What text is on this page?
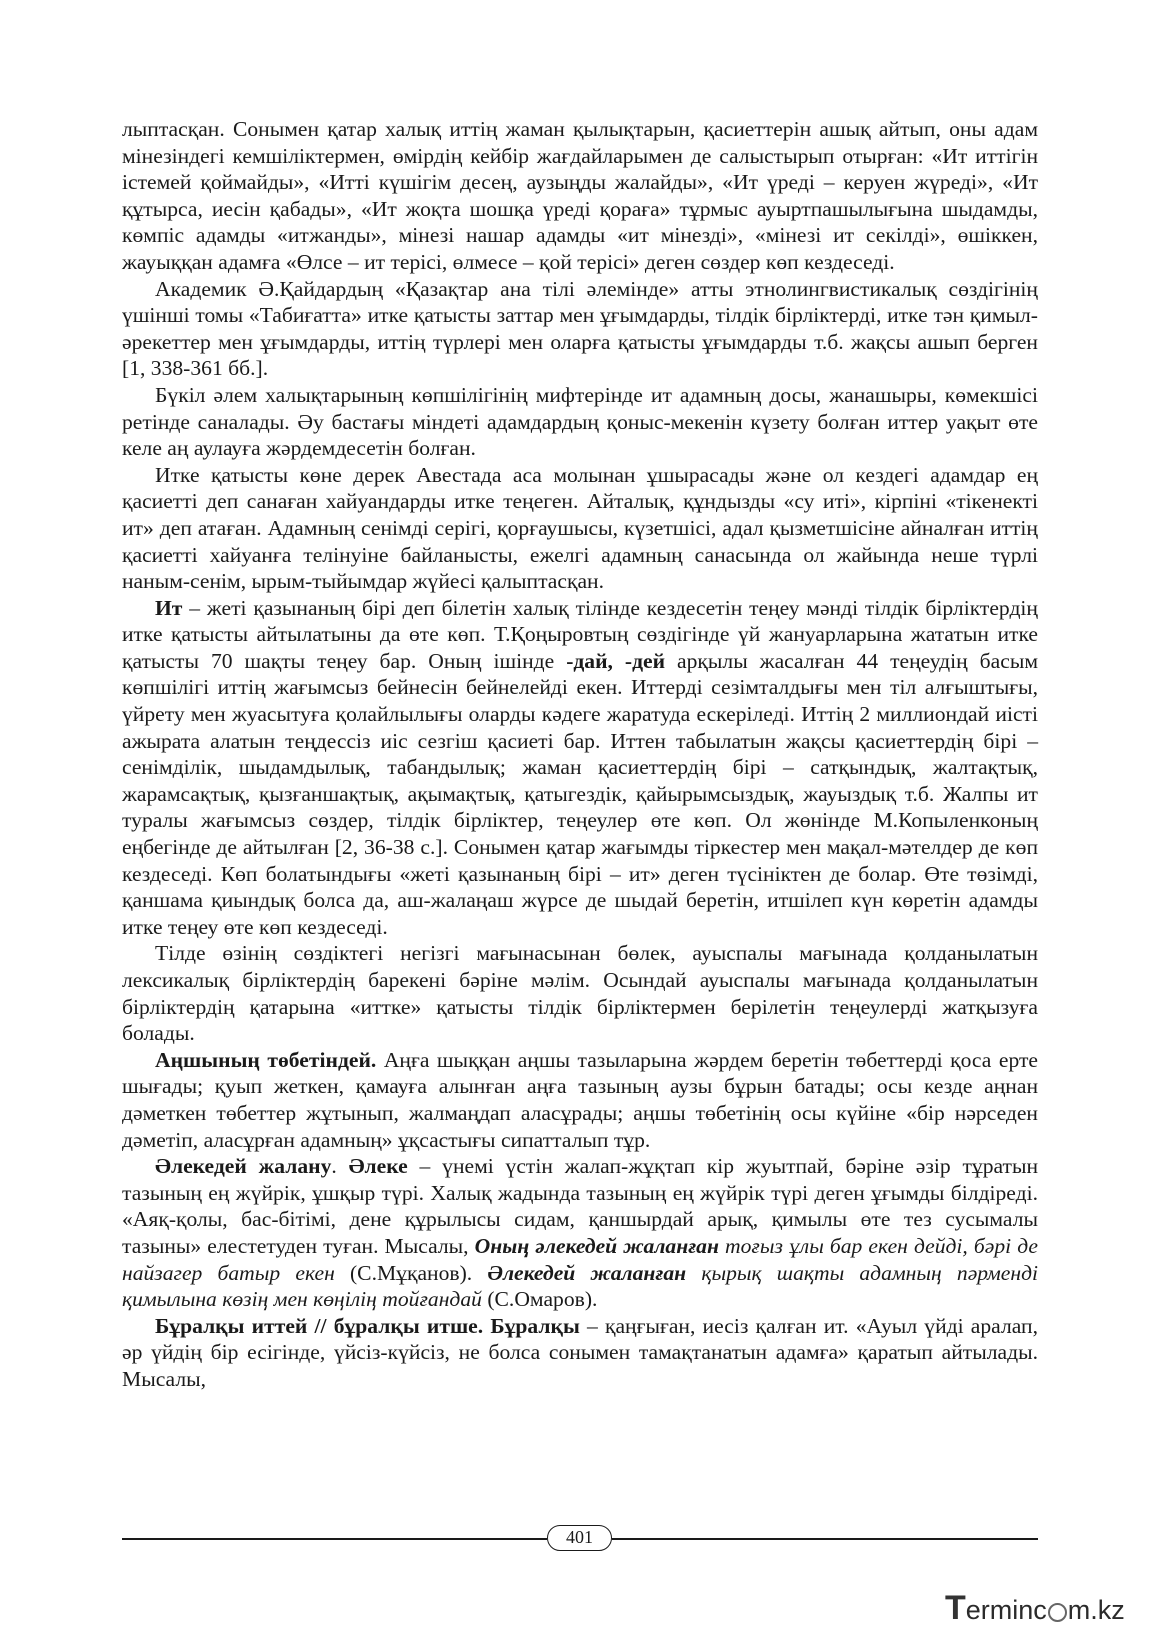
лыптасқан. Сонымен қатар халық иттің жаман қылықтарын, қасиеттерін ашық айтып, оны адам мінезіндегі кемшіліктермен, өмірдің кейбір жағдайларымен де салыстырып отырған: «Ит иттігін істемей қоймайды», «Итті күшігім десең, аузыңды жалайды», «Ит үреді – керуен жүреді», «Ит құтырса, иесін қабады», «Ит жоқта шошқа үреді қораға» тұрмыс ауыртпашылығына шыдамды, көмпіс адамды «итжанды», мінезі нашар адамды «ит мінезді», «мінезі ит секілді», өшіккен, жауыққан адамға «Өлсе – ит терісі, өлмесе – қой терісі» деген сөздер көп кездеседі.

Академик Ә.Қайдардың «Қазақтар ана тілі әлемінде» атты этнолингвистикалық сөздігінің үшінші томы «Табиғатта» итке қатысты заттар мен ұғымдарды, тілдік бірліктерді, итке тән қимыл-әрекеттер мен ұғымдарды, иттің түрлері мен оларға қатысты ұғымдарды т.б. жақсы ашып берген [1, 338-361 бб.].

Бүкіл әлем халықтарының көпшілігінің мифтерінде ит адамның досы, жанашыры, көмекшісі ретінде саналады. Әу бастағы міндеті адамдардың қоныс-мекенін күзету болған иттер уақыт өте келе аң аулауға жәрдемдесетін болған.

Итке қатысты көне дерек Авестада аса молынан ұшырасады және ол кездегі адамдар ең қасиетті деп санаған хайуандарды итке теңеген. Айталық, құндызды «су иті», кірпіні «тікенекті ит» деп атаған. Адамның сенімді серігі, қорғаушысы, күзетшісі, адал қызметшісіне айналған иттің қасиетті хайуанға телінуіне байланысты, ежелгі адамның санасында ол жайында неше түрлі наным-сенім, ырым-тыйымдар жүйесі қалыптасқан.

Ит – жеті қазынаның бірі деп білетін халық тілінде кездесетін теңеу мәнді тілдік бірліктердің итке қатысты айтылатыны да өте көп. Т.Қоңыровтың сөздігінде үй жануарларына жататын итке қатысты 70 шақты теңеу бар. Оның ішінде -дай, -дей арқылы жасалған 44 теңеудің басым көпшілігі иттің жағымсыз бейнесін бейнелейді екен. Иттерді сезімталдығы мен тіл алғыштығы, үйрету мен жуасытуға қолайлылығы оларды кәдеге жаратуда ескеріледі. Иттің 2 миллиондай иісті ажырата алатын теңдессіз иіс сезгіш қасиеті бар. Иттен табылатын жақсы қасиеттердің бірі – сенімділік, шыдамдылық, табандылық; жаман қасиеттердің бірі – сатқындық, жалтақтық, жарамсақтық, қызғаншақтық, ақымақтық, қатыгездік, қайырымсыздық, жауыздық т.б. Жалпы ит туралы жағымсыз сөздер, тілдік бірліктер, теңеулер өте көп. Ол жөнінде М.Копыленконың еңбегінде де айтылған [2, 36-38 с.]. Сонымен қатар жағымды тіркестер мен мақал-мәтелдер де көп кездеседі. Көп болатындығы «жеті қазынаның бірі – ит» деген түсініктен де болар. Өте төзімді, қаншама қиындық болса да, аш-жалаңаш жүрсе де шыдай беретін, итшілеп күн көретін адамды итке теңеу өте көп кездеседі.

Тілде өзінің сөздіктегі негізгі мағынасынан бөлек, ауыспалы мағынада қолданылатын лексикалық бірліктердің барекені бәріне мәлім. Осындай ауыспалы мағынада қолданылатын бірліктердің қатарына «иттке» қатысты тілдік бірліктермен берілетін теңеулерді жатқызуға болады.

Аңшының төбетіндей. Аңға шыққан аңшы тазыларына жәрдем беретін төбеттерді қоса ерте шығады; қуып жеткен, қамауға алынған аңға тазының аузы бұрын батады; осы кезде аңнан дәметкен төбеттер жұтынып, жалмаңдап аласұрады; аңшы төбетінің осы күйіне «бір нәрседен дәметіп, аласұрған адамның» ұқсастығы сипатталып тұр.

Әлекедей жалану. Әлеке – үнемі үстін жалап-жұқтап кір жуытпай, бәріне әзір тұратын тазының ең жүйрік, ұшқыр түрі. Халық жадында тазының ең жүйрік түрі деген ұғымды білдіреді. «Аяқ-қолы, бас-бітімі, дене құрылысы сидам, қаншырдай арық, қимылы өте тез сусымалы тазыны» елестетуден туған. Мысалы, Оның әлекедей жаланған тоғыз ұлы бар екен дейді, бәрі де найзагер батыр екен (С.Мұқанов). Әлекедей жаланған қырық шақты адамның пәрменді қимылына көзің мен көңілің тойғандай (С.Омаров).

Бұралқы иттей // бұралқы итше. Бұралқы – қаңғыған, иесіз қалған ит. «Ауыл үйді аралап, әр үйдің бір есігінде, үйсіз-күйсіз, не болса сонымен тамақтанатын адамға» қаратып айтылады. Мысалы,

401
Terminc m.kz
